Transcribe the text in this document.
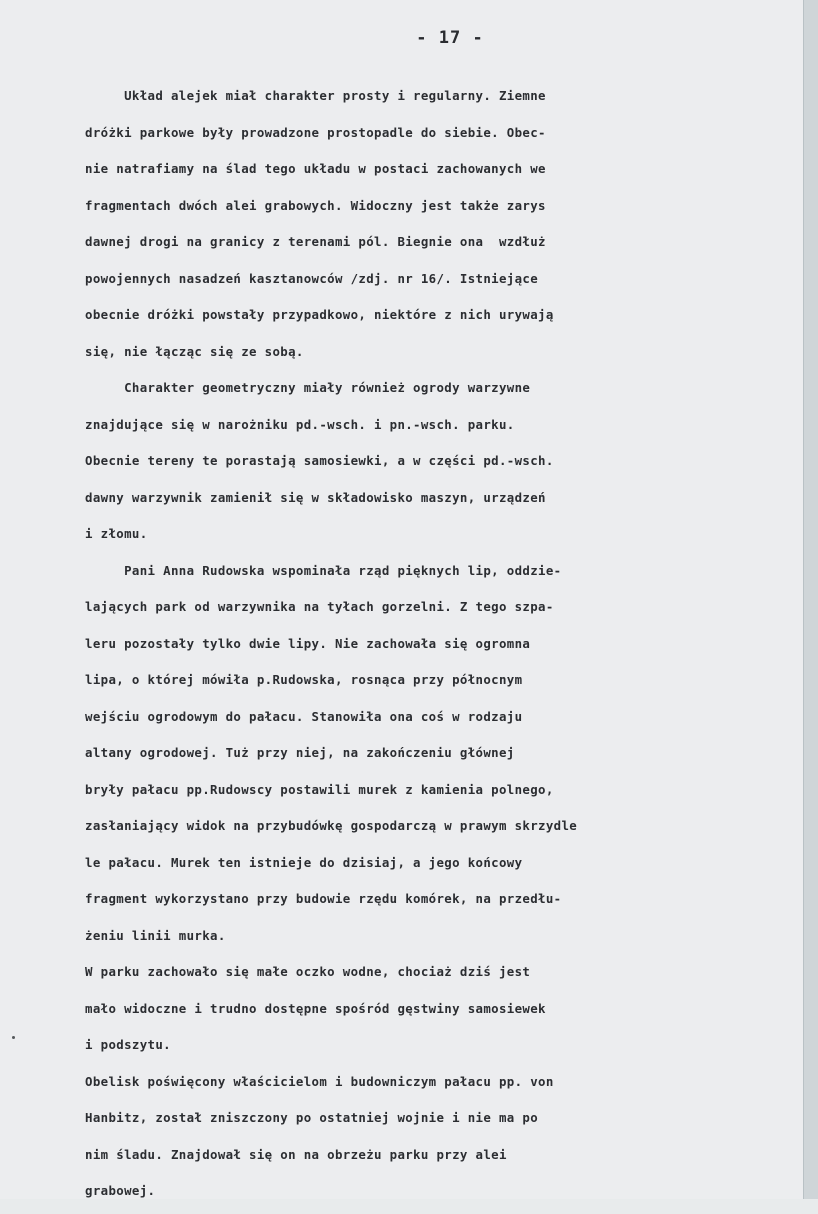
- 17 -
Układ alejek miał charakter prosty i regularny. Ziemne
dróżki parkowe były prowadzone prostopadle do siebie. Obec-
nie natrafiamy na ślad tego układu w postaci zachowanych we
fragmentach dwóch alei grabowych. Widoczny jest także zarys
dawnej drogi na granicy z terenami pól. Biegnie ona  wzdłuż
powojennych nasadzeń kasztanowców /zdj. nr 16/. Istniejące
obecnie dróżki powstały przypadkowo, niektóre z nich urywają
się, nie łącząc się ze sobą.
Charakter geometryczny miały również ogrody warzywne
znajdujące się w narożniku pd.-wsch. i pn.-wsch. parku.
Obecnie tereny te porastają samosiewki, a w części pd.-wsch.
dawny warzywnik zamienił się w składowisko maszyn, urządzeń
i złomu.
Pani Anna Rudowska wspominała rząd pięknych lip, oddzie-
lających park od warzywnika na tyłach gorzelni. Z tego szpa-
leru pozostały tylko dwie lipy. Nie zachowała się ogromna
lipa, o której mówiła p.Rudowska, rosnąca przy północnym
wejściu ogrodowym do pałacu. Stanowiła ona coś w rodzaju
altany ogrodowej. Tuż przy niej, na zakończeniu głównej
bryły pałacu pp.Rudowscy postawili murek z kamienia polnego,
zasłaniający widok na przybudówkę gospodarczą w prawym skrzydle
le pałacu. Murek ten istnieje do dzisiaj, a jego końcowy
fragment wykorzystano przy budowie rzędu komórek, na przedłu-
żeniu linii murka.
W parku zachowało się małe oczko wodne, chociaż dziś jest
mało widoczne i trudno dostępne spośród gęstwiny samosiewek
i podszytu.
Obelisk poświęcony właścicielom i budowniczym pałacu pp. von
Hanbitz, został zniszczony po ostatniej wojnie i nie ma po
nim śladu. Znajdował się on na obrzeżu parku przy alei
grabowej.
